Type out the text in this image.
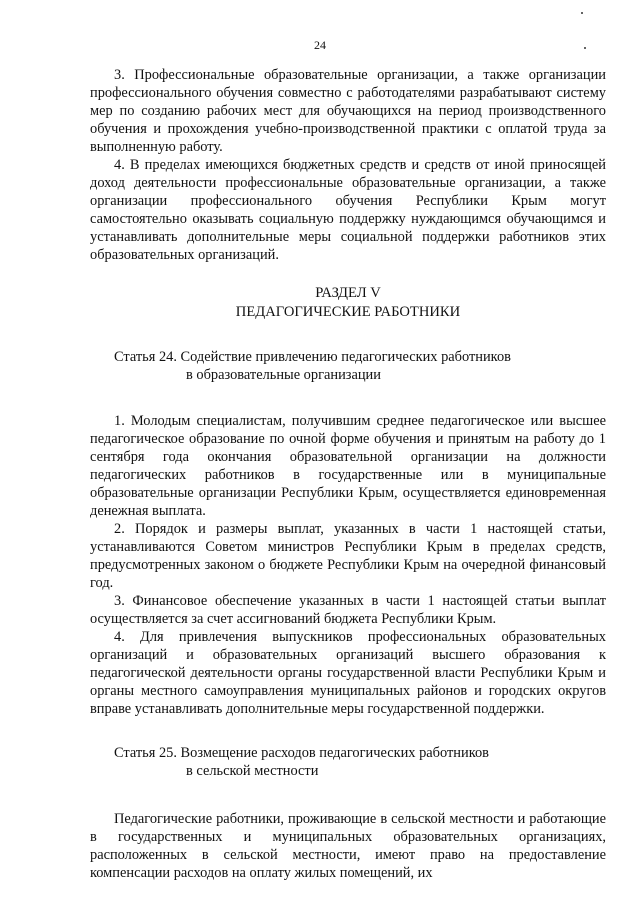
24

3. Профессиональные образовательные организации, а также организации профессионального обучения совместно с работодателями разрабатывают систему мер по созданию рабочих мест для обучающихся на период производственного обучения и прохождения учебно-производственной практики с оплатой труда за выполненную работу.

4. В пределах имеющихся бюджетных средств и средств от иной приносящей доход деятельности профессиональные образовательные организации, а также организации профессионального обучения Республики Крым могут самостоятельно оказывать социальную поддержку нуждающимся обучающимся и устанавливать дополнительные меры социальной поддержки работников этих образовательных организаций.

РАЗДЕЛ V
ПЕДАГОГИЧЕСКИЕ РАБОТНИКИ
Статья 24. Содействие привлечению педагогических работников
в образовательные организации

1. Молодым специалистам, получившим среднее педагогическое или высшее педагогическое образование по очной форме обучения и принятым на работу до 1 сентября года окончания образовательной организации на должности педагогических работников в государственные или в муниципальные образовательные организации Республики Крым, осуществляется единовременная денежная выплата.

2. Порядок и размеры выплат, указанных в части 1 настоящей статьи, устанавливаются Советом министров Республики Крым в пределах средств, предусмотренных законом о бюджете Республики Крым на очередной финансовый год.

3. Финансовое обеспечение указанных в части 1 настоящей статьи выплат осуществляется за счет ассигнований бюджета Республики Крым.

4. Для привлечения выпускников профессиональных образовательных организаций и образовательных организаций высшего образования к педагогической деятельности органы государственной власти Республики Крым и органы местного самоуправления муниципальных районов и городских округов вправе устанавливать дополнительные меры государственной поддержки.

Статья 25. Возмещение расходов педагогических работников
в сельской местности

Педагогические работники, проживающие в сельской местности и работающие в государственных и муниципальных образовательных организациях, расположенных в сельской местности, имеют право на предоставление компенсации расходов на оплату жилых помещений, их
